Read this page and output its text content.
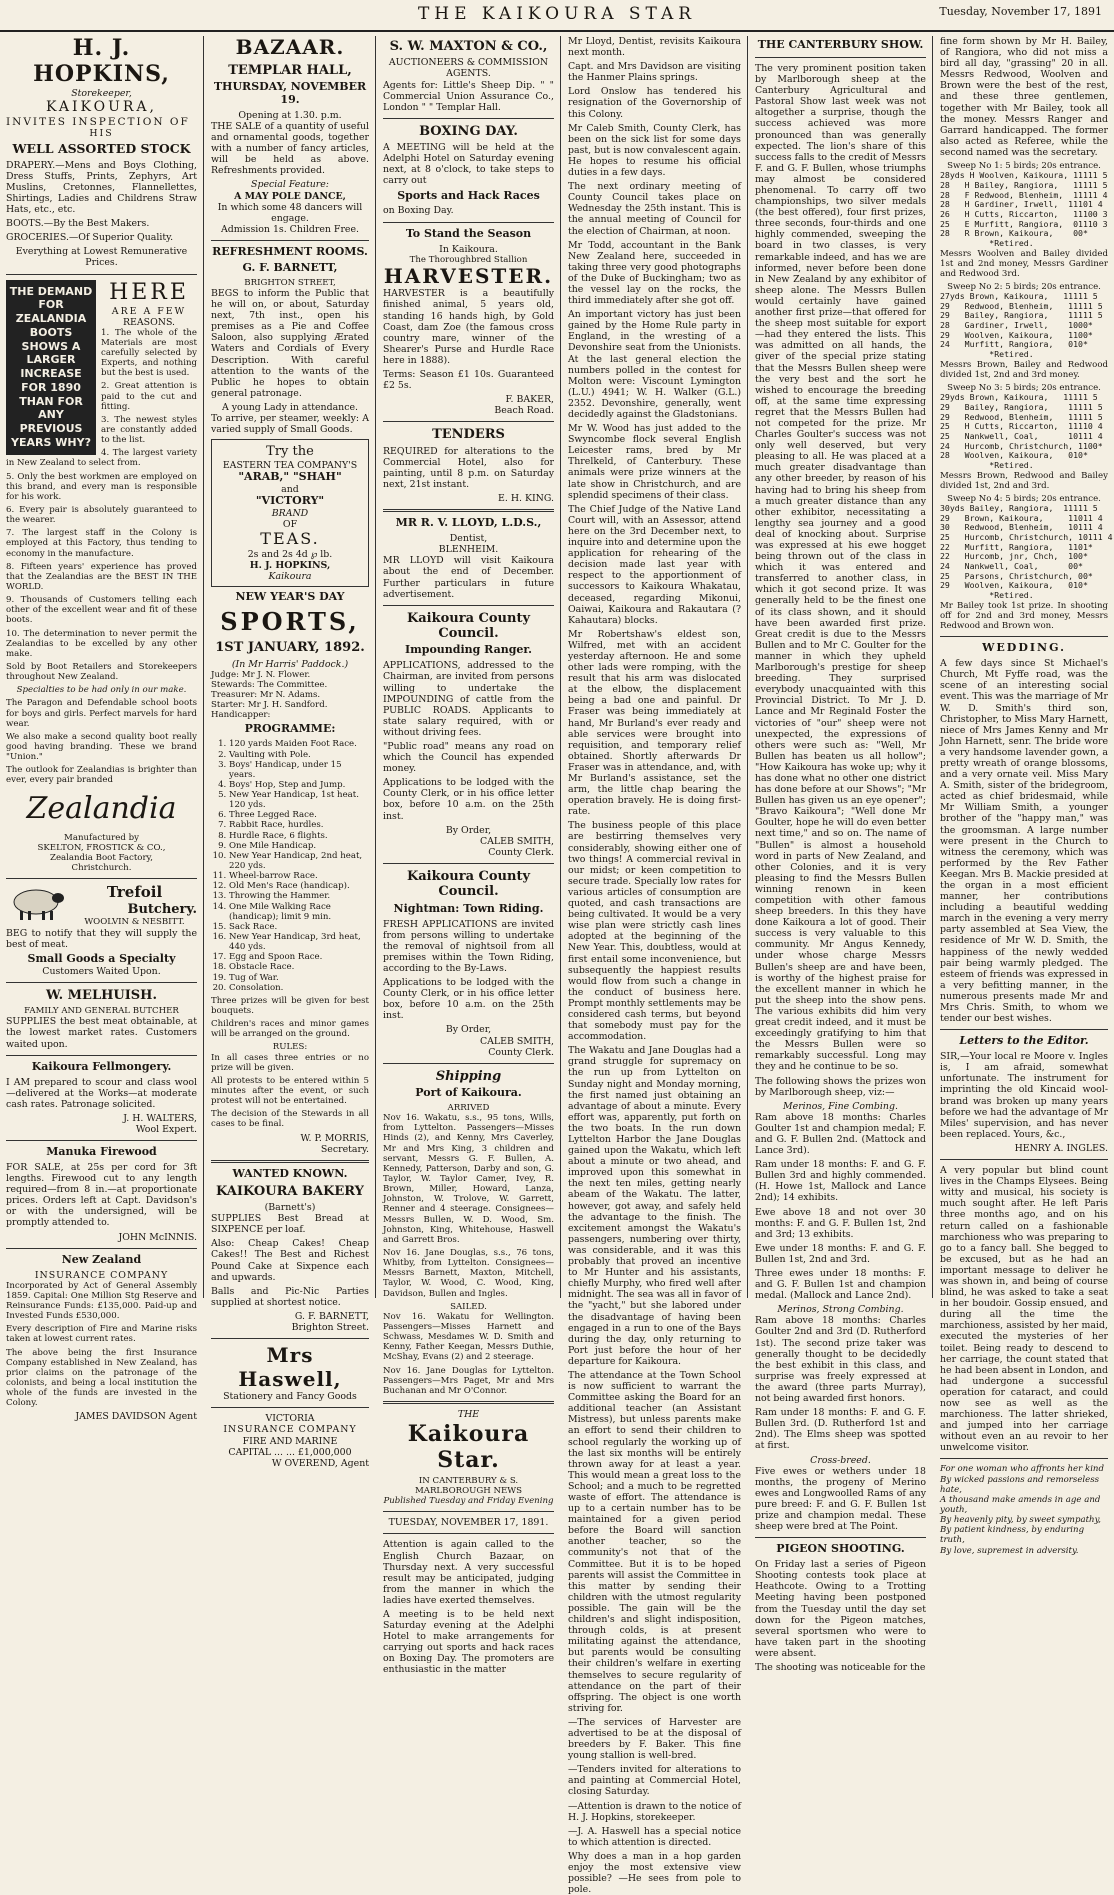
THE KAIKOURA STAR	Tuesday, November 17, 1891
H. J. HOPKINS,
Storekeeper,
KAIKOURA,
INVITES INSPECTION OF
HIS
WELL ASSORTED STOCK

DRAPERY.—Mens and Boys Clothing, Dress Stuffs, Prints, Zephyrs, Art Muslins, Cretonnes, Flannellettes, Shirtings, Ladies and Childrens Straw Hats, etc., etc.

BOOTS.—By the Best Makers.

GROCERIES.—Of Superior Quality.

Everything at Lowest Remunerative Prices.
THE DEMAND FOR ZEALANDIA BOOTS SHOWS A LARGER INCREASE FOR 1890 THAN FOR ANY PREVIOUS YEARS WHY?
HERE
ARE A FEW
REASONS.

1. The whole of the Materials are most carefully selected by Experts, and nothing but the best is used.

2. Great attention is paid to the cut and fitting.

3. The newest styles are constantly added to the list.

4. The largest variety in New Zealand to select from.

5. Only the best workmen are employed on this brand, and every man is responsible for his work.

6. Every pair is absolutely guaranteed to the wearer.

7. The largest staff in the Colony is employed at this Factory, thus tending to economy in the manufacture.

8. Fifteen years' experience has proved that the Zealandias are the BEST IN THE WORLD.

9. Thousands of Customers telling each other of the excellent wear and fit of these boots.

10. The determination to never permit the Zealandias to be excelled by any other make.

Sold by Boot Retailers and Storekeepers throughout New Zealand.

Specialties to be had only in our make.

The Paragon and Defendable school boots for boys and girls. Perfect marvels for hard wear.

We also make a second quality boot really good having branding. These we brand "Union."

The outlook for Zealandias is brighter than ever, every pair branded

Zealandia
Manufactured by
SKELTON, FROSTICK & CO.,
Zealandia Boot Factory,
Christchurch.
Trefoil
Butchery.
WOOLVIN & NESBITT.

BEG to notify that they will supply the best of meat.

Small Goods a Specialty
Customers Waited Upon.
W. MELHUISH.
FAMILY AND GENERAL BUTCHER

SUPPLIES the best meat obtainable, at the lowest market rates. Customers waited upon.

Kaikoura Fellmongery.

I AM prepared to scour and class wool —delivered at the Works—at moderate cash rates. Patronage solicited.

J. H. WALTERS,
Wool Expert.
Manuka Firewood

FOR SALE, at 25s per cord for 3ft lengths. Firewood cut to any length required—from 8 in.—at proportionate prices. Orders left at Capt. Davidson's or with the undersigned, will be promptly attended to.

JOHN McINNIS.
New Zealand
INSURANCE COMPANY

Incorporated by Act of General Assembly 1859. Capital: One Million Stg Reserve and Reinsurance Funds: £135,000. Paid-up and Invested Funds £530,000.

Every description of Fire and Marine risks taken at lowest current rates.

The above being the first Insurance Company established in New Zealand, has prior claims on the patronage of the colonists, and being a local institution the whole of the funds are invested in the Colony.

JAMES DAVIDSON Agent
BAZAAR.
TEMPLAR HALL,
THURSDAY, NOVEMBER 19.
Opening at 1.30. p.m.

THE SALE of a quantity of useful and ornamental goods, together with a number of fancy articles, will be held as above. Refreshments provided.

Special Feature:
A MAY POLE DANCE,
In which some 48 dancers will engage.
Admission 1s. Children Free.
REFRESHMENT ROOMS.
G. F. BARNETT,
BRIGHTON STREET,

BEGS to inform the Public that he will on, or about, Saturday next, 7th inst., open his premises as a Pie and Coffee Saloon, also supplying Ærated Waters and Cordials of Every Description. With careful attention to the wants of the Public he hopes to obtain general patronage.

A young Lady in attendance.

To arrive, per steamer, weekly: A varied supply of Small Goods.

Try the
EASTERN TEA COMPANY'S
"ARAB," "SHAH"
and
"VICTORY"
BRAND
OF
TEAS.
2s and 2s 4d ℘ lb.
H. J. HOPKINS,
Kaikoura
NEW YEAR'S DAY
SPORTS,
1ST JANUARY, 1892.
(In Mr Harris' Paddock.)
Judge: Mr J. N. Flower.
Stewards: The Committee.
Treasurer: Mr N. Adams.
Starter: Mr J. H. Sandford.
Handicapper:
PROGRAMME:
1. 120 yards Maiden Foot Race.
2. Vaulting with Pole.
3. Boys' Handicap, under 15 years.
4. Boys' Hop, Step and Jump.
5. New Year Handicap, 1st heat. 120 yds.
6. Three Legged Race.
7. Rabbit Race, hurdles.
8. Hurdle Race, 6 flights.
9. One Mile Handicap.
10. New Year Handicap, 2nd heat, 220 yds.
11. Wheel-barrow Race.
12. Old Men's Race (handicap).
13. Throwing the Hammer.
14. One Mile Walking Race (handicap); limit 9 min.
15. Sack Race.
16. New Year Handicap, 3rd heat, 440 yds.
17. Egg and Spoon Race.
18. Obstacle Race.
19. Tug of War.
20. Consolation.

Three prizes will be given for best bouquets.

Children's races and minor games will be arranged on the ground.

RULES:

In all cases three entries or no prize will be given.

All protests to be entered within 5 minutes after the event, or such protest will not be entertained.

The decision of the Stewards in all cases to be final.

W. P. MORRIS,
Secretary.
WANTED KNOWN.
KAIKOURA BAKERY
(Barnett's)

SUPPLIES Best Bread at SIXPENCE per loaf.

Also: Cheap Cakes! Cheap Cakes!! The Best and Richest Pound Cake at Sixpence each and upwards.

Balls and Pic-Nic Parties supplied at shortest notice.

G. F. BARNETT,
Brighton Street.
Mrs Haswell,
Stationery and Fancy Goods
VICTORIA
INSURANCE COMPANY
FIRE AND MARINE
CAPITAL ... ... £1,000,000
W OVEREND, Agent
S. W. MAXTON & CO.,
AUCTIONEERS & COMMISSION AGENTS.

Agents for: Little's Sheep Dip. " " Commercial Union Assurance Co., London " " Templar Hall.

BOXING DAY.

A MEETING will be held at the Adelphi Hotel on Saturday evening next, at 8 o'clock, to take steps to carry out

Sports and Hack Races
on Boxing Day.
To Stand the Season
In Kaikoura.
The Thoroughbred Stallion
HARVESTER.

HARVESTER is a beautifully finished animal, 5 years old, standing 16 hands high, by Gold Coast, dam Zoe (the famous cross country mare, winner of the Shearer's Purse and Hurdle Race here in 1888).

Terms: Season £1 10s. Guaranteed £2 5s.

F. BAKER,
Beach Road.
TENDERS

REQUIRED for alterations to the Commercial Hotel, also for painting, until 8 p.m. on Saturday next, 21st instant.

E. H. KING.
MR R. V. LLOYD, L.D.S.,
Dentist,
BLENHEIM.

MR LLOYD will visit Kaikoura about the end of December. Further particulars in future advertisement.

Kaikoura County Council.
Impounding Ranger.

APPLICATIONS, addressed to the Chairman, are invited from persons willing to undertake the IMPOUNDING of cattle from the PUBLIC ROADS. Applicants to state salary required, with or without driving fees.

"Public road" means any road on which the Council has expended money.

Applications to be lodged with the County Clerk, or in his office letter box, before 10 a.m. on the 25th inst.

By Order,
CALEB SMITH,
County Clerk.
Kaikoura County Council.
Nightman: Town Riding.

FRESH APPLICATIONS are invited from persons willing to undertake the removal of nightsoil from all premises within the Town Riding, according to the By-Laws.

Applications to be lodged with the County Clerk, or in his office letter box, before 10 a.m. on the 25th inst.

By Order,
CALEB SMITH,
County Clerk.
Shipping
Port of Kaikoura.
ARRIVED

Nov 16. Wakatu, s.s., 95 tons, Wills, from Lyttelton. Passengers—Misses Hinds (2), and Kenny, Mrs Caverley, Mr and Mrs King, 3 children and servant, Messrs G. F. Bullen, A. Kennedy, Patterson, Darby and son, G. Taylor, W. Taylor Camer, Ivey, R. Brown, Miller, Howard, Lanza, Johnston, W. Trolove, W. Garrett, Renner and 4 steerage. Consignees—Messrs Bullen, W. D. Wood, Sm. Johnston, King, Whitehouse, Haswell and Garrett Bros.

Nov 16. Jane Douglas, s.s., 76 tons, Whitby, from Lyttelton. Consignees—Messrs Barnett, Maxton, Mitchell, Taylor, W. Wood, C. Wood, King, Davidson, Bullen and Ingles.

SAILED.

Nov 16. Wakatu for Wellington. Passengers—Misses Harnett and Schwass, Mesdames W. D. Smith and Kenny, Father Keegan, Messrs Duthie, McShay, Evans (2) and 2 steerage.

Nov 16. Jane Douglas for Lyttelton. Passengers—Mrs Paget, Mr and Mrs Buchanan and Mr O'Connor.

THE
Kaikoura Star.
IN CANTERBURY & S. MARLBOROUGH NEWS
Published Tuesday and Friday Evening
TUESDAY, NOVEMBER 17, 1891.

Attention is again called to the English Church Bazaar, on Thursday next. A very successful result may be anticipated, judging from the manner in which the ladies have exerted themselves.

A meeting is to be held next Saturday evening at the Adelphi Hotel to make arrangements for carrying out sports and hack races on Boxing Day. The promoters are enthusiastic in the matter

Mr Lloyd, Dentist, revisits Kaikoura next month.

Capt. and Mrs Davidson are visiting the Hanmer Plains springs.

Lord Onslow has tendered his resignation of the Governorship of this Colony.

Mr Caleb Smith, County Clerk, has been on the sick list for some days past, but is now convalescent again. He hopes to resume his official duties in a few days.

The next ordinary meeting of County Council takes place on Wednesday the 25th instant. This is the annual meeting of Council for the election of Chairman, at noon.

Mr Todd, accountant in the Bank New Zealand here, succeeded in taking three very good photographs of the Duke of Buckingham; two as the vessel lay on the rocks, the third immediately after she got off.

An important victory has just been gained by the Home Rule party in England, in the wresting of a Devonshire seat from the Unionists. At the last general election the numbers polled in the contest for Molton were: Viscount Lymington (L.U.) 4941; W. H. Walker (G.L.) 2352. Devonshire, generally, went decidedly against the Gladstonians.

Mr W. Wood has just added to the Swyncombe flock several English Leicester rams, bred by Mr Threlkeld, of Canterbury. These animals were prize winners at the late show in Christchurch, and are splendid specimens of their class.

The Chief Judge of the Native Land Court will, with an Assessor, attend here on the 3rd December next, to inquire into and determine upon the application for rehearing of the decision made last year with respect to the apportionment of successors to Kaikoura Whakatau, deceased, regarding Mikonui, Oaiwai, Kaikoura and Rakautara (? Kahautara) blocks.

Mr Robertshaw's eldest son, Wilfred, met with an accident yesterday afternoon. He and some other lads were romping, with the result that his arm was dislocated at the elbow, the displacement being a bad one and painful. Dr Fraser was being immediately at hand, Mr Burland's ever ready and able services were brought into requisition, and temporary relief obtained. Shortly afterwards Dr Fraser was in attendance, and, with Mr Burland's assistance, set the arm, the little chap bearing the operation bravely. He is doing first-rate.

The business people of this place are bestirring themselves very considerably, showing either one of two things! A commercial revival in our midst; or keen competition to secure trade. Specially low rates for various articles of consumption are quoted, and cash transactions are being cultivated. It would be a very wise plan were strictly cash lines adopted at the beginning of the New Year. This, doubtless, would at first entail some inconvenience, but subsequently the happiest results would flow from such a change in the conduct of business here. Prompt monthly settlements may be considered cash terms, but beyond that somebody must pay for the accommodation.

The Wakatu and Jane Douglas had a grand struggle for supremacy on the run up from Lyttelton on Sunday night and Monday morning, the first named just obtaining an advantage of about a minute. Every effort was, apparently, put forth on the two boats. In the run down Lyttelton Harbor the Jane Douglas gained upon the Wakatu, which left about a minute or two ahead, and improved upon this somewhat in the next ten miles, getting nearly abeam of the Wakatu. The latter, however, got away, and safely held the advantage to the finish. The excitement amongst the Wakatu's passengers, numbering over thirty, was considerable, and it was this probably that proved an incentive to Mr Hunter and his assistants, chiefly Murphy, who fired well after midnight. The sea was all in favor of the "yacht," but she labored under the disadvantage of having been engaged in a run to one of the Bays during the day, only returning to Port just before the hour of her departure for Kaikoura.

The attendance at the Town School is now sufficient to warrant the Committee asking the Board for an additional teacher (an Assistant Mistress), but unless parents make an effort to send their children to school regularly the working up of the last six months will be entirely thrown away for at least a year. This would mean a great loss to the School; and a much to be regretted waste of effort. The attendance is up to a certain number has to be maintained for a given period before the Board will sanction another teacher, so the community's not that of the Committee. But it is to be hoped parents will assist the Committee in this matter by sending their children with the utmost regularity possible. The gain will be the children's and slight indisposition, through colds, is at present militating against the attendance, but parents would be consulting their children's welfare in exerting themselves to secure regularity of attendance on the part of their offspring. The object is one worth striving for.

—The services of Harvester are advertised to be at the disposal of breeders by F. Baker. This fine young stallion is well-bred.

—Tenders invited for alterations to and painting at Commercial Hotel, closing Saturday.

—Attention is drawn to the notice of H. J. Hopkins, storekeeper.

—J. A. Haswell has a special notice to which attention is directed.

Why does a man in a hop garden enjoy the most extensive view possible? —He sees from pole to pole.

THE CANTERBURY SHOW.

The very prominent position taken by Marlborough sheep at the Canterbury Agricultural and Pastoral Show last week was not altogether a surprise, though the success achieved was more pronounced than was generally expected. The lion's share of this success falls to the credit of Messrs F. and G. F. Bullen, whose triumphs may almost be considered phenomenal. To carry off two championships, two silver medals (the best offered), four first prizes, three seconds, four-thirds and one highly commended, sweeping the board in two classes, is very remarkable indeed, and has we are informed, never before been done in New Zealand by any exhibitor of sheep alone. The Messrs Bullen would certainly have gained another first prize—that offered for the sheep most suitable for export—had they entered the lists. This was admitted on all hands, the giver of the special prize stating that the Messrs Bullen sheep were the very best and the sort he wished to encourage the breeding off, at the same time expressing regret that the Messrs Bullen had not competed for the prize. Mr Charles Goulter's success was not only well deserved, but very pleasing to all. He was placed at a much greater disadvantage than any other breeder, by reason of his having had to bring his sheep from a much greater distance than any other exhibitor, necessitating a lengthy sea journey and a good deal of knocking about. Surprise was expressed at his ewe hogget being thrown out of the class in which it was entered and transferred to another class, in which it got second prize. It was generally held to be the finest one of its class shown, and it should have been awarded first prize. Great credit is due to the Messrs Bullen and to Mr C. Goulter for the manner in which they upheld Marlborough's prestige for sheep breeding. They surprised everybody unacquainted with this Provincial District. To Mr J. D. Lance and Mr Reginald Foster the victories of "our" sheep were not unexpected, the expressions of others were such as: "Well, Mr Bullen has beaten us all hollow"; "How Kaikoura has woke up; why it has done what no other one district has done before at our Shows"; "Mr Bullen has given us an eye opener"; "Bravo Kaikoura"; "Well done Mr Goulter, hope he will do even better next time," and so on. The name of "Bullen" is almost a household word in parts of New Zealand, and other Colonies, and it is very pleasing to find the Messrs Bullen winning renown in keen competition with other famous sheep breeders. In this they have done Kaikoura a lot of good. Their success is very valuable to this community. Mr Angus Kennedy, under whose charge Messrs Bullen's sheep are and have been, is worthy of the highest praise for the excellent manner in which he put the sheep into the show pens. The various exhibits did him very great credit indeed, and it must be exceedingly gratifying to him that the Messrs Bullen were so remarkably successful. Long may they and he continue to be so.

The following shows the prizes won by Marlborough sheep, viz:—

Merinos, Fine Combing.

Ram above 18 months: Charles Goulter 1st and champion medal; F. and G. F. Bullen 2nd. (Mattock and Lance 3rd).

Ram under 18 months: F. and G. F. Bullen 3rd and highly commended. (H. Howe 1st, Mallock and Lance 2nd); 14 exhibits.

Ewe above 18 and not over 30 months: F. and G. F. Bullen 1st, 2nd and 3rd; 13 exhibits.

Ewe under 18 months: F. and G. F. Bullen 1st, 2nd and 3rd.

Three ewes under 18 months: F. and G. F. Bullen 1st and champion medal. (Mallock and Lance 2nd).

Merinos, Strong Combing.

Ram above 18 months: Charles Goulter 2nd and 3rd (D. Rutherford 1st). The second prize taker was generally thought to be decidedly the best exhibit in this class, and surprise was freely expressed at the award (three parts Murray), not being awarded first honors.

Ram under 18 months: F. and G. F. Bullen 3rd. (D. Rutherford 1st and 2nd). The Elms sheep was spotted at first.

Cross-breed.

Five ewes or wethers under 18 months, the progeny of Merino ewes and Longwoolled Rams of any pure breed: F. and G. F. Bullen 1st prize and champion medal. These sheep were bred at The Point.

PIGEON SHOOTING.

On Friday last a series of Pigeon Shooting contests took place at Heathcote. Owing to a Trotting Meeting having been postponed from the Tuesday until the day set down for the Pigeon matches, several sportsmen who were to have taken part in the shooting were absent.

The shooting was noticeable for the

fine form shown by Mr H. Bailey, of Rangiora, who did not miss a bird all day, "grassing" 20 in all. Messrs Redwood, Woolven and Brown were the best of the rest, and these three gentlemen, together with Mr Bailey, took all the money. Messrs Ranger and Garrard handicapped. The former also acted as Referee, while the second named was the secretary.

Sweep No 1: 5 birds; 20s entrance.
28yds H Woolven, Kaikoura, 11111 5
28   H Bailey, Rangiora,   11111 5
28   F Redwood, Blenheim,  11111 4
28   H Gardiner, Irwell,  11101 4
26   H Cutts, Riccarton,   11100 3
25   E Murfitt, Rangiora,  01110 3
28   R Brown, Kaikoura,    00*
*Retired.

Messrs Woolven and Bailey divided 1st and 2nd money, Messrs Gardiner and Redwood 3rd.

Sweep No 2: 5 birds; 20s entrance.
27yds Brown, Kaikoura,   11111 5
29   Redwood, Blenheim,   11111 5
29   Bailey, Rangiora,    11111 5
28   Gardiner, Irwell,    1000*
29   Woolven, Kaikoura,   1100*
24   Murfitt, Rangiora,   010*
*Retired.

Messrs Brown, Bailey and Redwood divided 1st, 2nd and 3rd money.

Sweep No 3: 5 birds; 20s entrance.
29yds Brown, Kaikoura,   11111 5
29   Bailey, Rangiora,    11111 5
29   Redwood, Blenheim,   11111 5
25   H Cutts, Riccarton,  11110 4
25   Nankwell, Coal,      10111 4
24   Hurcomb, Christchurch, 1100*
28   Woolven, Kaikoura,   010*
*Retired.

Messrs Brown, Redwood and Bailey divided 1st, 2nd and 3rd.

Sweep No 4: 5 birds; 20s entrance.
30yds Bailey, Rangiora,  11111 5
29   Brown, Kaikoura,     11011 4
30   Redwood, Blenheim,   10111 4
25   Hurcomb, Christchurch, 10111 4
22   Murfitt, Rangiora,   1101*
22   Hurcomb, jnr, Chch,  100*
24   Nankwell, Coal,      00*
25   Parsons, Christchurch, 00*
29   Woolven, Kaikoura,   010*
*Retired.

Mr Bailey took 1st prize. In shooting off for 2nd and 3rd money, Messrs Redwood and Brown won.

WEDDING.

A few days since St Michael's Church, Mt Fyffe road, was the scene of an interesting social event. This was the marriage of Mr W. D. Smith's third son, Christopher, to Miss Mary Harnett, niece of Mrs James Kenny and Mr John Harnett, senr. The bride wore a very handsome lavender gown, a pretty wreath of orange blossoms, and a very ornate veil. Miss Mary A. Smith, sister of the bridegroom, acted as chief bridesmaid, while Mr William Smith, a younger brother of the "happy man," was the groomsman. A large number were present in the Church to witness the ceremony, which was performed by the Rev Father Keegan. Mrs B. Mackie presided at the organ in a most efficient manner, her contributions including a beautiful wedding march in the evening a very merry party assembled at Sea View, the residence of Mr W. D. Smith, the happiness of the newly wedded pair being warmly pledged. The esteem of friends was expressed in a very befitting manner, in the numerous presents made Mr and Mrs Chris. Smith, to whom we tender our best wishes.

Letters to the Editor.

SIR,—Your local re Moore v. Ingles is, I am afraid, somewhat unfortunate. The instrument for imprinting the old Kincaid wool-brand was broken up many years before we had the advantage of Mr Miles' supervision, and has never been replaced. Yours, &c.,

HENRY A. INGLES.

A very popular but blind count lives in the Champs Elysees. Being witty and musical, his society is much sought after. He left Paris three months ago, and on his return called on a fashionable marchioness who was preparing to go to a fancy ball. She begged to be excused, but as he had an important message to deliver he was shown in, and being of course blind, he was asked to take a seat in her boudoir. Gossip ensued, and during all the time the marchioness, assisted by her maid, executed the mysteries of her toilet. Being ready to descend to her carriage, the count stated that he had been absent in London, and had undergone a successful operation for cataract, and could now see as well as the marchioness. The latter shrieked, and jumped into her carriage without even an au revoir to her unwelcome visitor.

For one woman who affronts her kind
By wicked passions and remorseless hate,
A thousand make amends in age and youth,
By heavenly pity, by sweet sympathy,
By patient kindness, by enduring truth,
By love, supremest in adversity.
